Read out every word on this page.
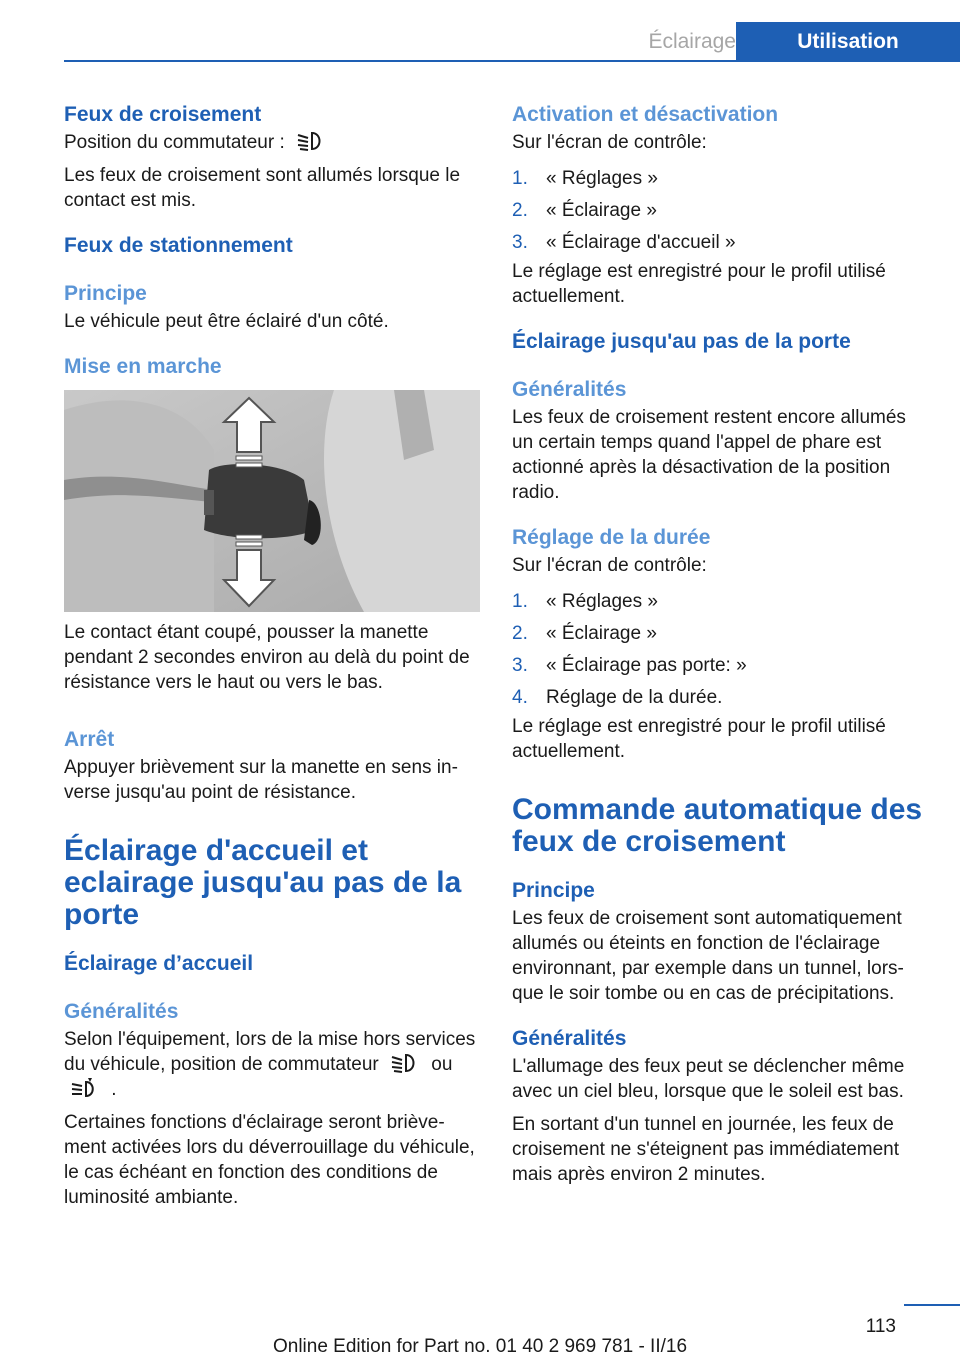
Éclairage	Utilisation
Feux de croisement

Position du commutateur :

Les feux de croisement sont allumés lorsque le contact est mis.

Feux de stationnement
Principe

Le véhicule peut être éclairé d'un côté.

Mise en marche

Le contact étant coupé, pousser la manette pendant 2 secondes environ au delà du point de résistance vers le haut ou vers le bas.

Arrêt

Appuyer brièvement sur la manette en sens inverse jusqu'au point de résistance.

Éclairage d'accueil et eclairage jusqu'au pas de la porte
Éclairage d’accueil
Généralités

Selon l'équipement, lors de la mise hors services du véhicule, position de commutateur	ou  .

Certaines fonctions d'éclairage seront brièvement activées lors du déverrouillage du véhicule, le cas échéant en fonction des conditions de luminosité ambiante.

Activation et désactivation

Sur l'écran de contrôle:

1. « Réglages »
2. « Éclairage »
3. « Éclairage d'accueil »

Le réglage est enregistré pour le profil utilisé actuellement.

Éclairage jusqu'au pas de la porte
Généralités

Les feux de croisement restent encore allumés un certain temps quand l'appel de phare est actionné après la désactivation de la position radio.

Réglage de la durée

Sur l'écran de contrôle:

1. « Réglages »
2. « Éclairage »
3. « Éclairage pas porte: »
4. Réglage de la durée.

Le réglage est enregistré pour le profil utilisé actuellement.

Commande automatique des feux de croisement
Principe

Les feux de croisement sont automatiquement allumés ou éteints en fonction de l'éclairage environnant, par exemple dans un tunnel, lorsque le soir tombe ou en cas de précipitations.

Généralités

L'allumage des feux peut se déclencher même avec un ciel bleu, lorsque que le soleil est bas.

En sortant d'un tunnel en journée, les feux de croisement ne s'éteignent pas immédiatement mais après environ 2 minutes.

113
Online Edition for Part no. 01 40 2 969 781 - II/16
